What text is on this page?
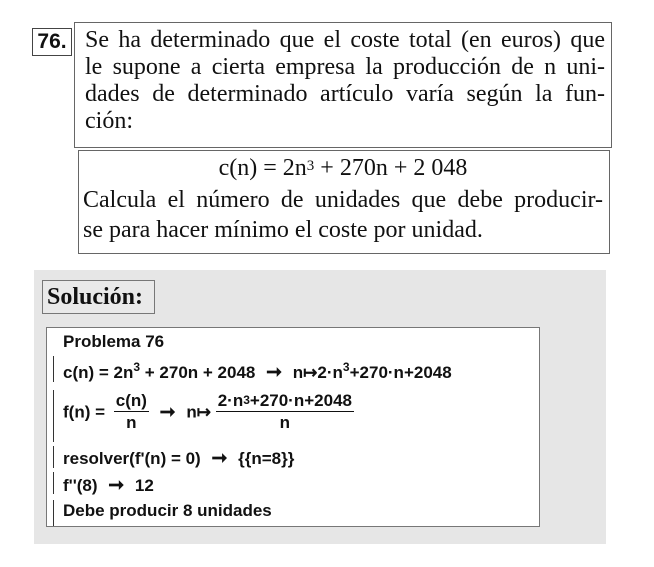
76. Se ha determinado que el coste total (en euros) que
le supone a cierta empresa la producción de n uni-
dades de determinado artículo varía según la fun-
ción:
$c(n) = 2n^3 + 270n + 2$ 048
Calcula el número de unidades que debe producir-
se para hacer mínimo el coste por unidad.
Solución:
Problema 76
$c(n) = 2n^3 + 270n + 2048$ ➞ $n↦2\cdot n^3+270\cdot n+2048$
$f(n) = \frac{c(n)}{n}$ ➞ n↦ $\frac{2\cdot n^3+270\cdot n+2048}{n}$
resolver(f'(n) = 0) ➞ {{n=8}}
f''(8) ➞ 12
Debe producir 8 unidades
